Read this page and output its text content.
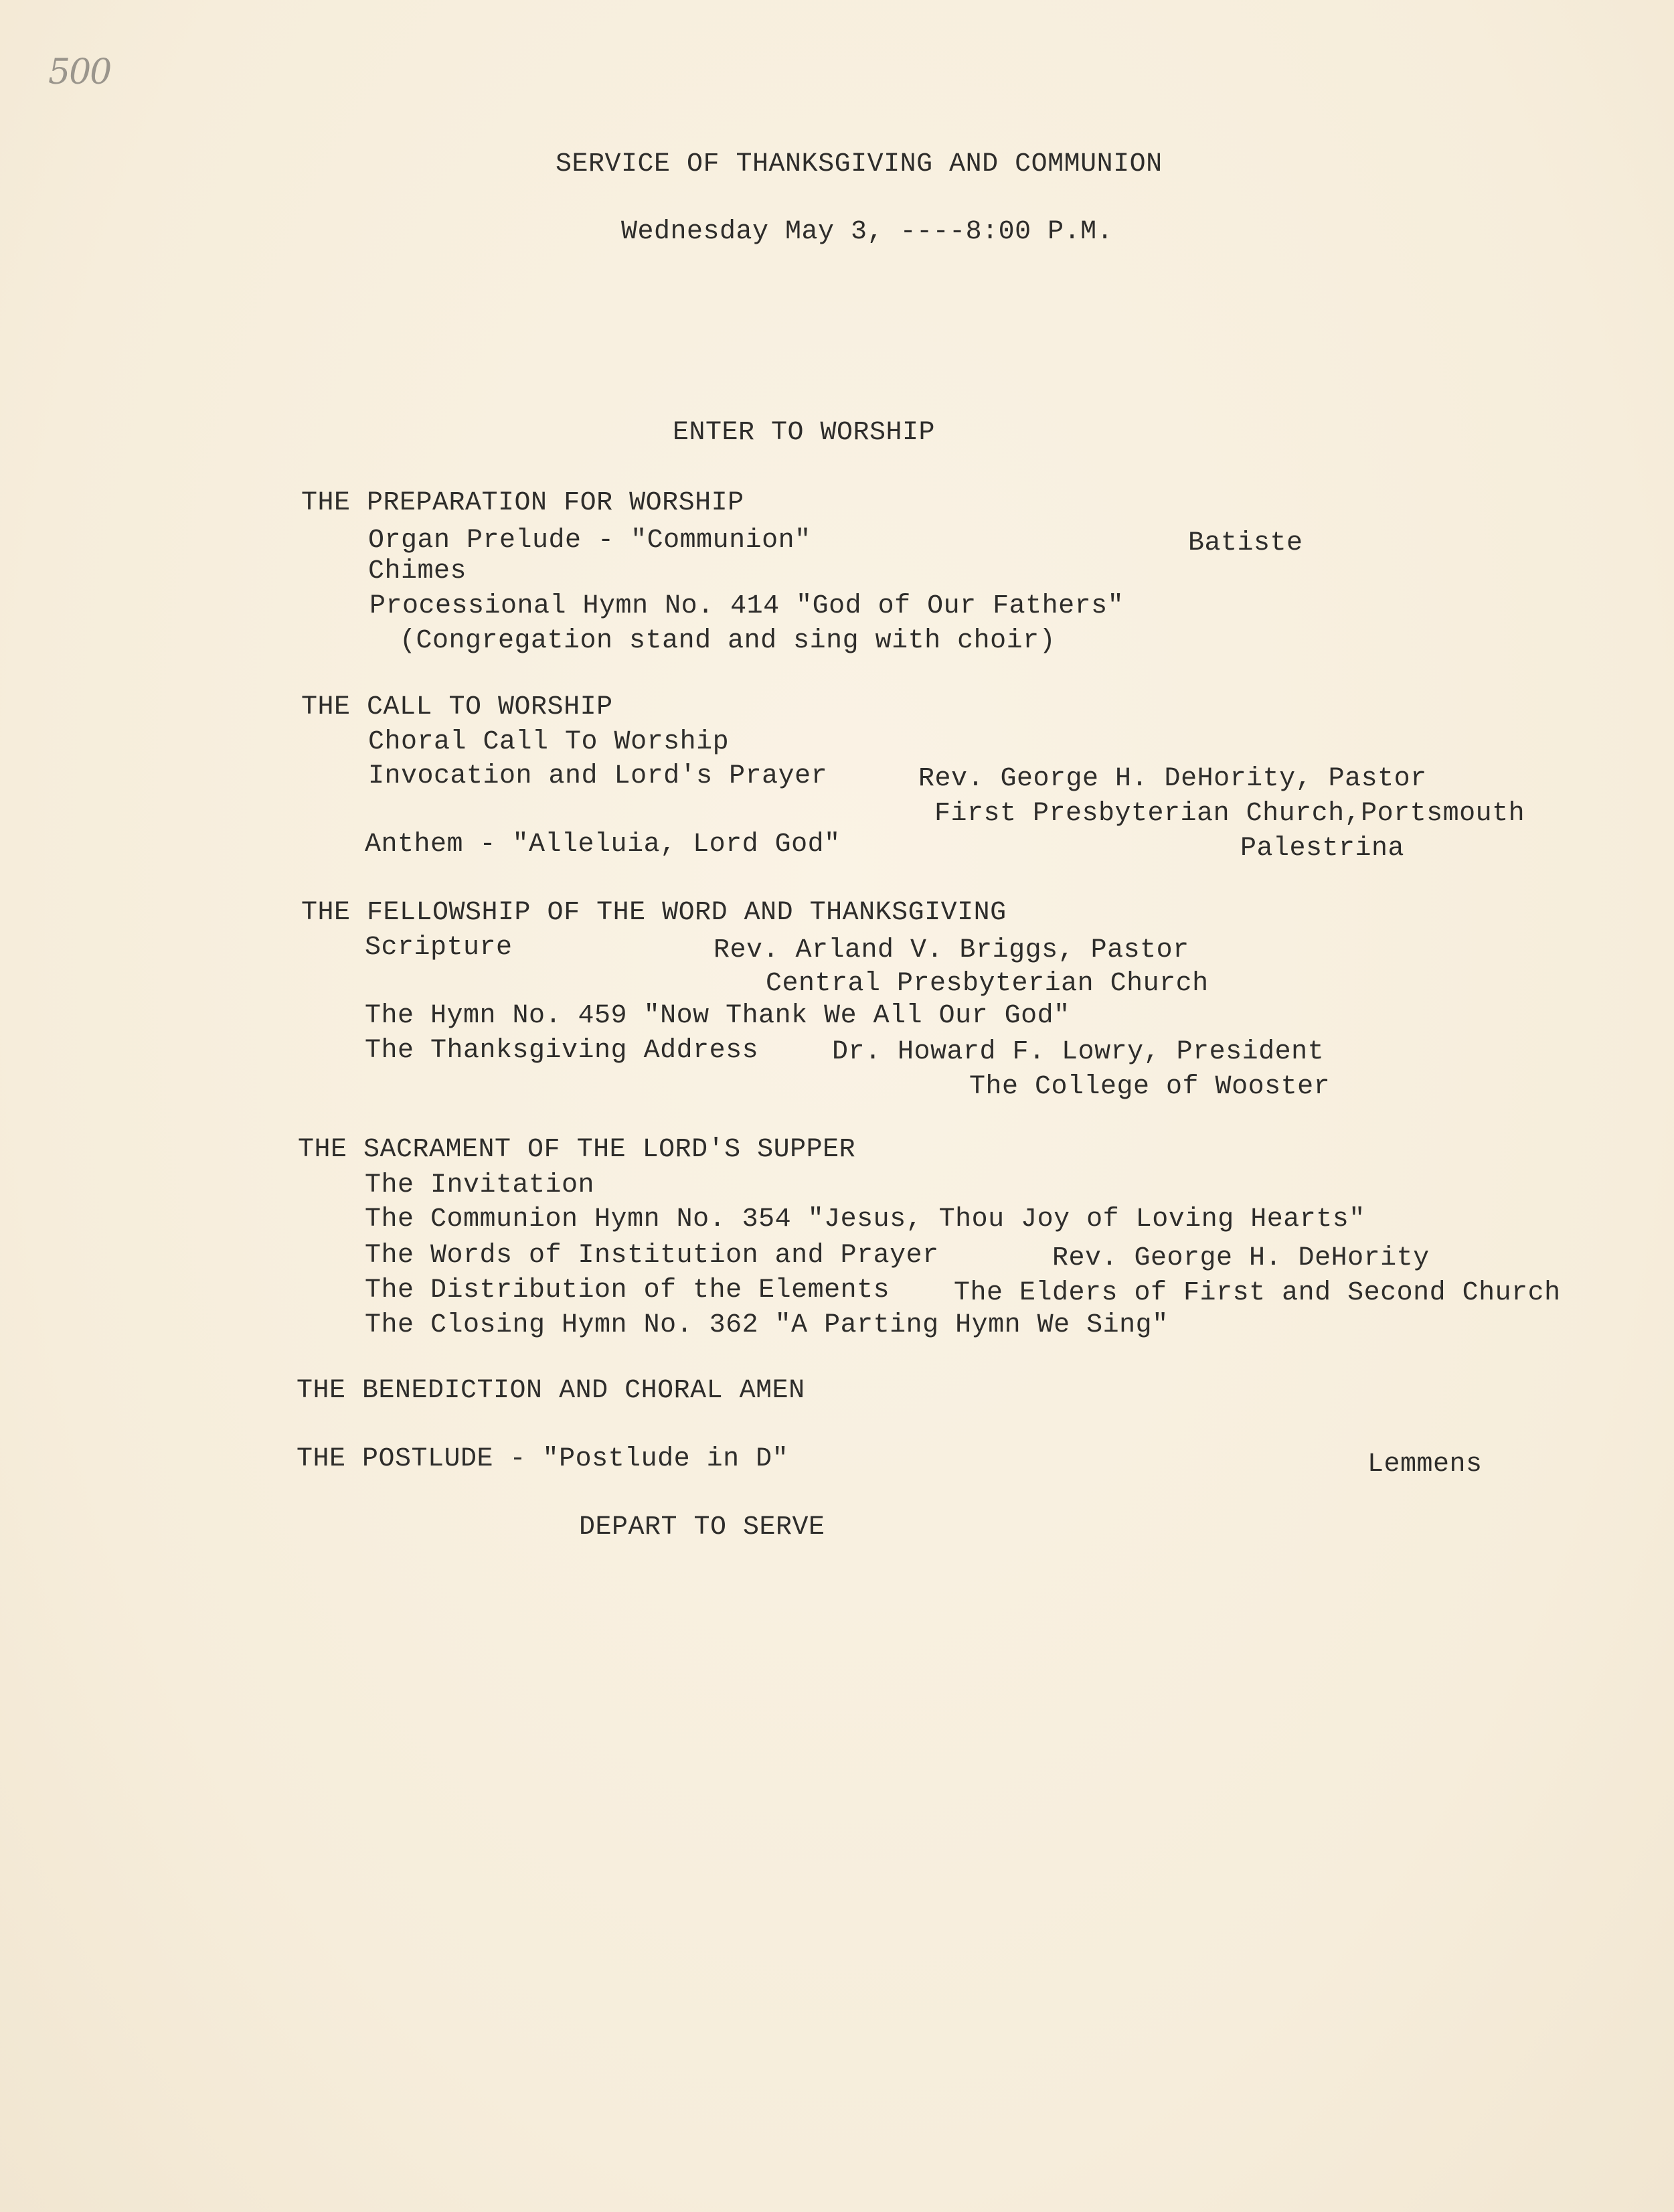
500
SERVICE OF THANKSGIVING AND COMMUNION
Wednesday May 3, ----8:00 P.M.
ENTER TO WORSHIP
THE PREPARATION FOR WORSHIP
Organ Prelude - "Communion"	Batiste
Chimes
Processional Hymn No. 414 "God of Our Fathers"
(Congregation stand and sing with choir)
THE CALL TO WORSHIP
Choral Call To Worship
Invocation and Lord's Prayer	Rev. George H. DeHority, Pastor
First Presbyterian Church,Portsmouth
Anthem - "Alleluia, Lord God"	Palestrina
THE FELLOWSHIP OF THE WORD AND THANKSGIVING
Scripture	Rev. Arland V. Briggs, Pastor
Central Presbyterian Church
The Hymn No. 459 "Now Thank We All Our God"
The Thanksgiving Address	Dr. Howard F. Lowry, President
The College of Wooster
THE SACRAMENT OF THE LORD'S SUPPER
The Invitation
The Communion Hymn No. 354 "Jesus, Thou Joy of Loving Hearts"
The Words of Institution and Prayer	Rev. George H. DeHority
The Distribution of the Elements The Elders of First and Second Church
The Closing Hymn No. 362 "A Parting Hymn We Sing"
THE BENEDICTION AND CHORAL AMEN
THE POSTLUDE - "Postlude in D"	Lemmens
DEPART TO SERVE
